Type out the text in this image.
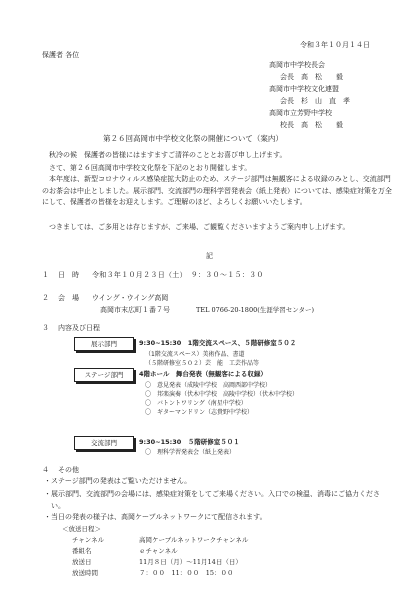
令和３年１０月１４日
保護者 各位
高岡市中学校長会
会長　高　松　　毅
高岡市中学校文化連盟
会長　杉　山　直　孝
高岡市立芳野中学校
校長　高　松　　毅
第２６回高岡市中学校文化祭の開催について（案内）
秋冷の候　保護者の皆様にはますますご清祥のこととお喜び申し上げます。
さて、第２６回高岡市中学校文化祭を下記のとおり開催します。
本年度は、新型コロナウィルス感染症拡大防止のため、ステージ部門は無観客による収録のみとし、交流部門のお茶会は中止としました。展示部門、交流部門の理科学習発表会（紙上発表）については、感染症対策を万全にして、保護者の皆様をお迎えします。ご理解のほど、よろしくお願いいたします。
つきましては、ご多用とは存じますが、ご来場、ご観覧くださいますようご案内申し上げます。
記
１ 日　時 令和３年１０月２３日（土）　９：３０～１５：３０
２ 会　場 ウイング・ウイング高岡
高岡市末広町１番７号	TEL 0766-20-1800(生涯学習センター)
３ 内容及び日程
展示部門	9:30~15:30　1階交流スペース、５階研修室５０２
（1階交流スペース）美術作品、書道
（５階研修室５０２）芸　能　工芸作品等
ステージ部門	4階ホール　舞台発表（無観客による収録）
〇　意見発表（成陵中学校　高岡西部中学校）
〇　邦楽演奏（伏木中学校　高陵中学校）（伏木中学校）
〇　バトントワリング（南星中学校）
〇　ギターマンドリン（志貴野中学校）
交流部門	9:30~15:30　５階研修室５０１
〇　理科学習発表会（紙上発表）
４ その他
・ステージ部門の発表はご覧いただけません。
・展示部門、交流部門の会場には、感染症対策をしてご来場ください。入口での検温、消毒にご協力ください。
・当日の発表の様子は、高岡ケーブルネットワークにて配信されます。
＜放送日程＞
チャンネル	高岡ケーブルネットワークチャンネル
番組名	ｅチャンネル
放送日	11月８日（月）～11月14日（日）
放送時間	７：００　11：００　15：００
